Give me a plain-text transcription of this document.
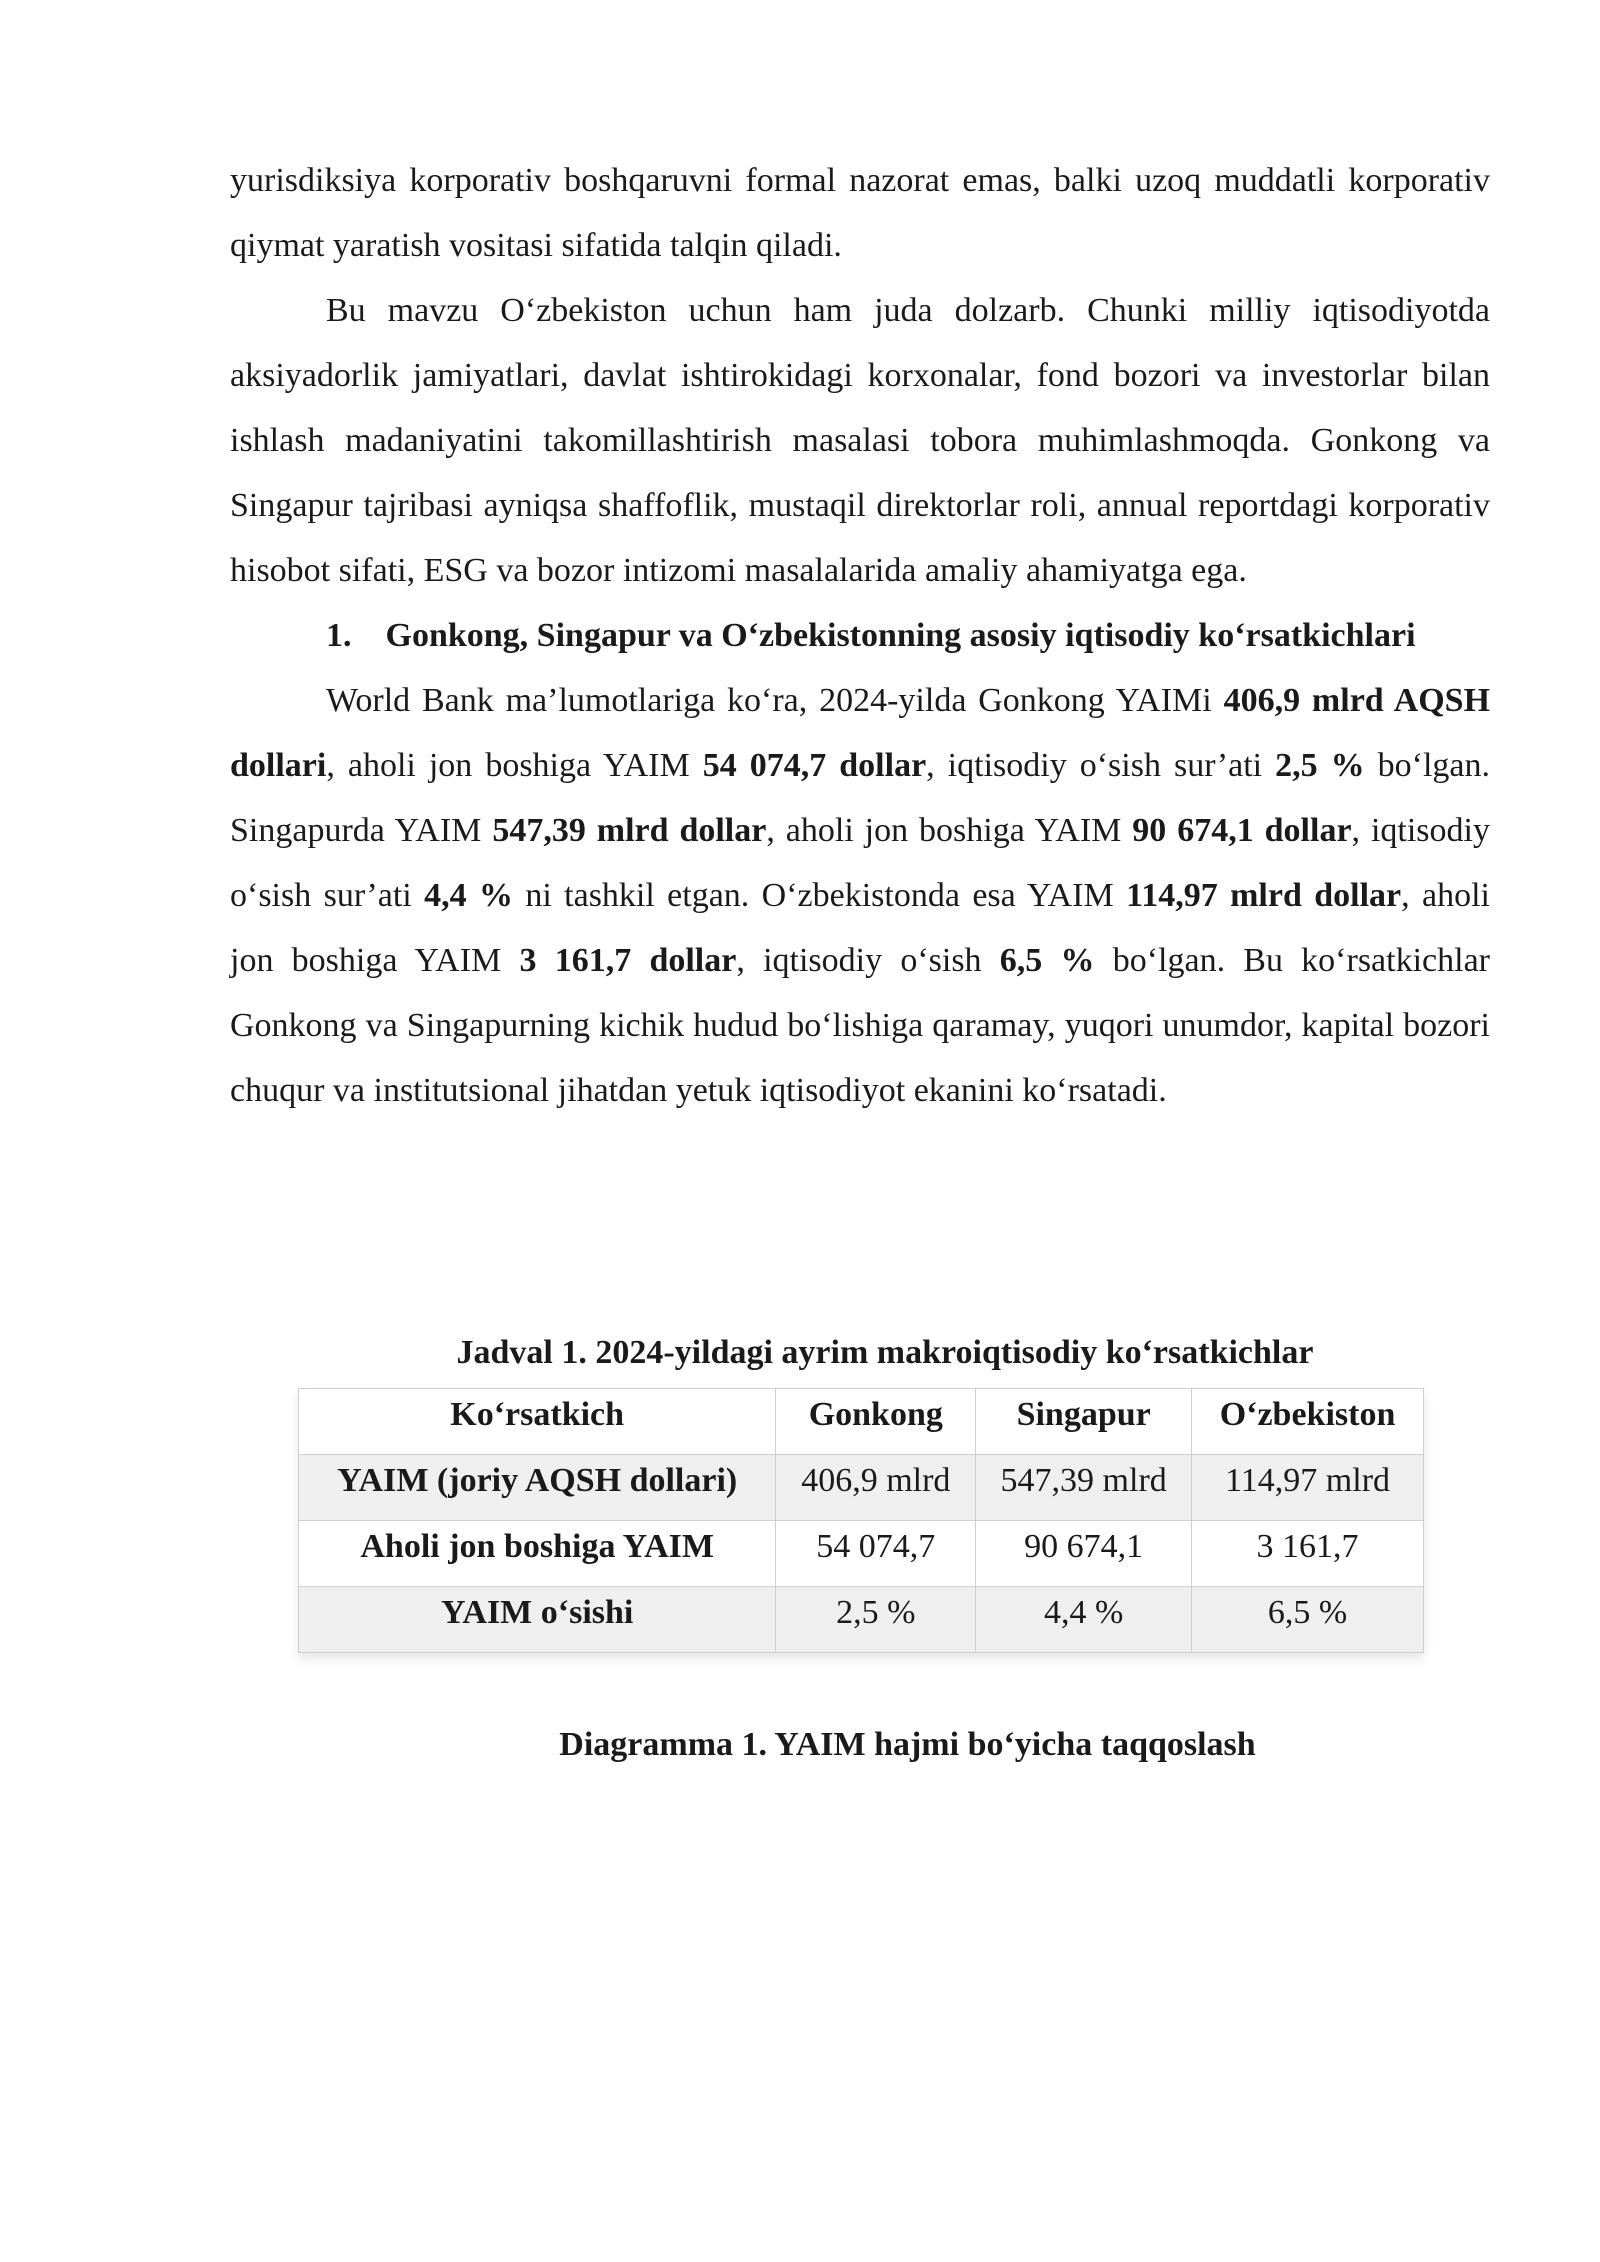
yurisdiksiya korporativ boshqaruvni formal nazorat emas, balki uzoq muddatli korporativ qiymat yaratish vositasi sifatida talqin qiladi.

Bu mavzu O‘zbekiston uchun ham juda dolzarb. Chunki milliy iqtisodiyotda aksiyadorlik jamiyatlari, davlat ishtirokidagi korxonalar, fond bozori va investorlar bilan ishlash madaniyatini takomillashtirish masalasi tobora muhimlashmoqda. Gonkong va Singapur tajribasi ayniqsa shaffoflik, mustaqil direktorlar roli, annual reportdagi korporativ hisobot sifati, ESG va bozor intizomi masalalarida amaliy ahamiyatga ega.

1. Gonkong, Singapur va O‘zbekistonning asosiy iqtisodiy ko‘rsatkichlari

World Bank ma’lumotlariga ko‘ra, 2024-yilda Gonkong YAIMi 406,9 mlrd AQSH dollari, aholi jon boshiga YAIM 54 074,7 dollar, iqtisodiy o‘sish sur’ati 2,5 % bo‘lgan. Singapurda YAIM 547,39 mlrd dollar, aholi jon boshiga YAIM 90 674,1 dollar, iqtisodiy o‘sish sur’ati 4,4 % ni tashkil etgan. O‘zbekistonda esa YAIM 114,97 mlrd dollar, aholi jon boshiga YAIM 3 161,7 dollar, iqtisodiy o‘sish 6,5 % bo‘lgan. Bu ko‘rsatkichlar Gonkong va Singapurning kichik hudud bo‘lishiga qaramay, yuqori unumdor, kapital bozori chuqur va institutsional jihatdan yetuk iqtisodiyot ekanini ko‘rsatadi.

Jadval 1. 2024-yildagi ayrim makroiqtisodiy ko‘rsatkichlar
Ko‘rsatkich	Gonkong	Singapur	O‘zbekiston
YAIM (joriy AQSH dollari)	406,9 mlrd	547,39 mlrd	114,97 mlrd
Aholi jon boshiga YAIM	54 074,7	90 674,1	3 161,7
YAIM o‘sishi	2,5 %	4,4 %	6,5 %
Diagramma 1. YAIM hajmi bo‘yicha taqqoslash
